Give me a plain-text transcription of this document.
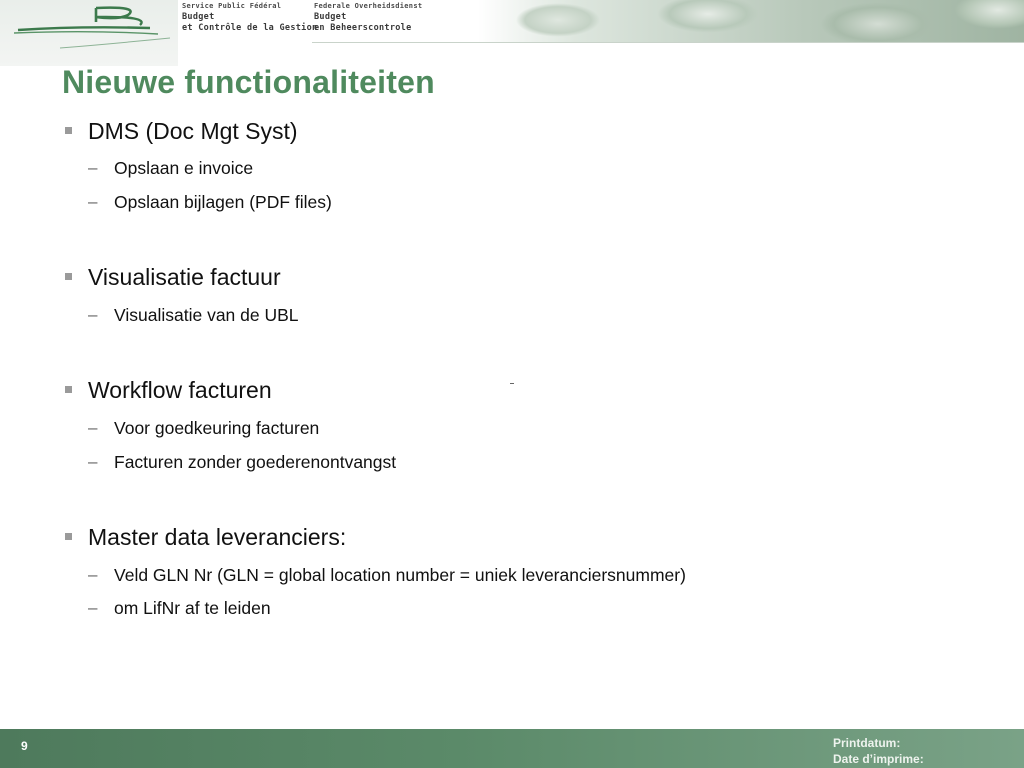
Service Public Fédéral
Budget
et Contrôle de la Gestion
Federale Overheidsdienst
Budget
en Beheerscontrole
Nieuwe functionaliteiten
DMS (Doc Mgt Syst)
– Opslaan e invoice
– Opslaan bijlagen (PDF files)
Visualisatie factuur
– Visualisatie van de UBL
Workflow facturen
– Voor goedkeuring facturen
– Facturen zonder goederenontvangst
Master data leveranciers:
– Veld GLN Nr (GLN = global location number = uniek leveranciersnummer)
– om LifNr af te leiden
9	Printdatum:
Date d’imprime:
